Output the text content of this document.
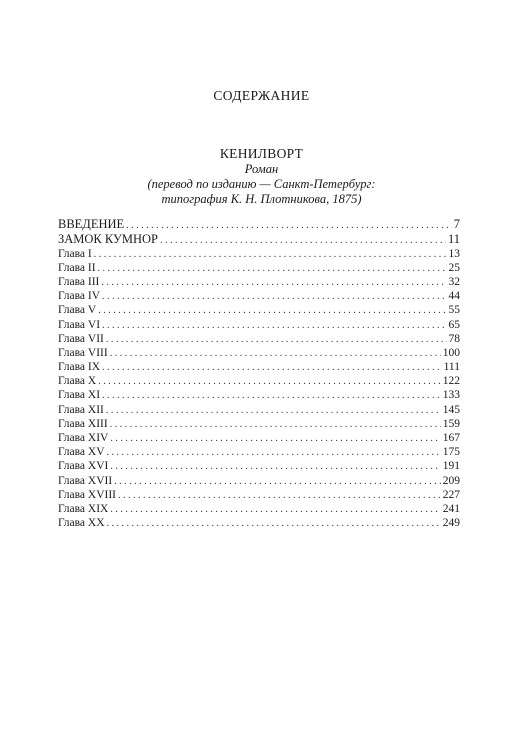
СОДЕРЖАНИЕ
КЕНИЛВОРТ
Роман
(перевод по изданию — Санкт-Петербург:
типография К. Н. Плотникова, 1875)
ВВЕДЕНИЕ . . .	7
ЗАМОК КУМНОР . . .	11
Глава I . . .	13
Глава II . . .	25
Глава III . . .	32
Глава IV . . .	44
Глава V . . .	55
Глава VI . . .	65
Глава VII . . .	78
Глава VIII . . .	100
Глава IX . . .	111
Глава X . . .	122
Глава XI . . .	133
Глава XII . . .	145
Глава XIII . . .	159
Глава XIV . . .	167
Глава XV . . .	175
Глава XVI . . .	191
Глава XVII . . .	209
Глава XVIII . . .	227
Глава XIX . . .	241
Глава XX . . .	249
